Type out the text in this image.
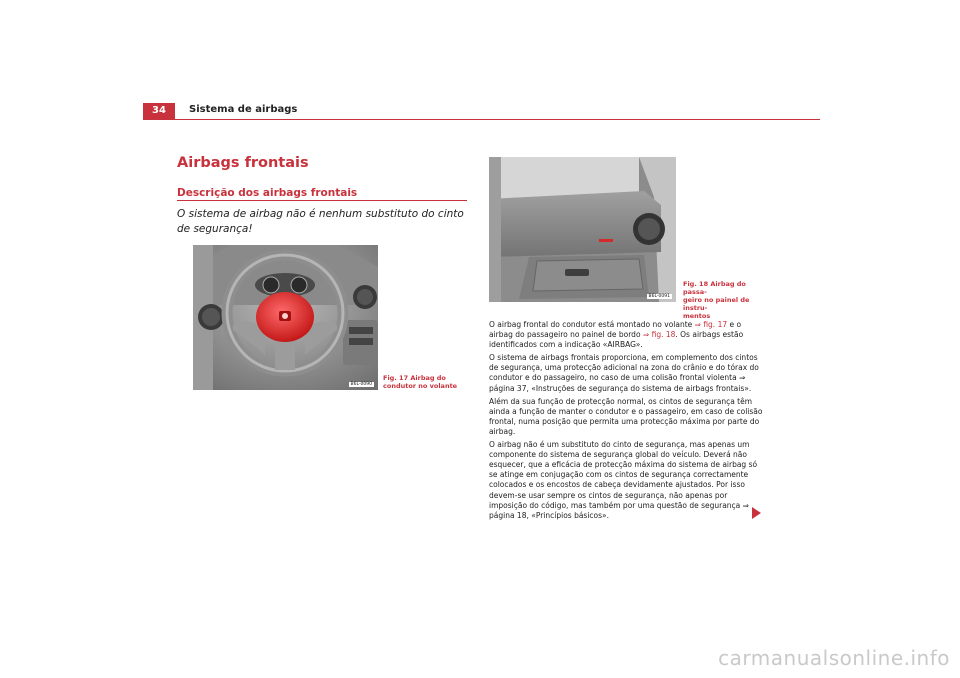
34	Sistema de airbags
Airbags frontais
Descrição dos airbags frontais

O sistema de airbag não é nenhum substituto do cinto de segurança!

B6L-0090
Fig. 17 Airbag do
condutor no volante
B6L-0091
Fig. 18 Airbag do passa-
geiro no painel de instru-
mentos

O airbag frontal do condutor está montado no volante ⇒ fig. 17 e o airbag do passageiro no painel de bordo ⇒ fig. 18. Os airbags estão identificados com a indicação «AIRBAG».

O sistema de airbags frontais proporciona, em complemento dos cintos de segurança, uma protecção adicional na zona do crânio e do tórax do condutor e do passageiro, no caso de uma colisão frontal violenta ⇒ página 37, «Instruções de segurança do sistema de airbags frontais».

Além da sua função de protecção normal, os cintos de segurança têm ainda a função de manter o condutor e o passageiro, em caso de colisão frontal, numa posição que permita uma protecção máxima por parte do airbag.

O airbag não é um substituto do cinto de segurança, mas apenas um componente do sistema de segurança global do veículo. Deverá não esquecer, que a eficácia de protecção máxima do sistema de airbag só se atinge em conjugação com os cintos de segurança correctamente colocados e os encostos de cabeça devidamente ajustados. Por isso devem-se usar sempre os cintos de segurança, não apenas por imposição do código, mas também por uma questão de segurança ⇒ página 18, «Princípios básicos».

carmanualsonline.info
